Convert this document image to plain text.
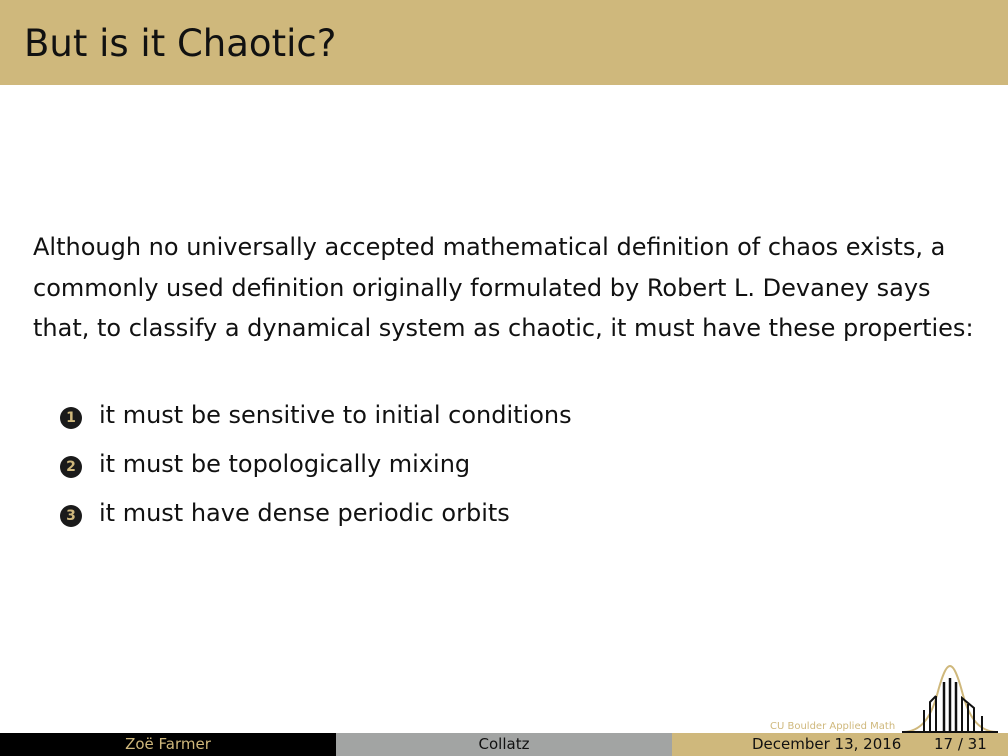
But is it Chaotic?
Although no universally accepted mathematical definition of chaos exists, a commonly used definition originally formulated by Robert L. Devaney says that, to classify a dynamical system as chaotic, it must have these properties:
1 it must be sensitive to initial conditions
2 it must be topologically mixing
3 it must have dense periodic orbits
CU Boulder Applied Math
Zoë Farmer	Collatz	December 13, 2016 17 / 31
